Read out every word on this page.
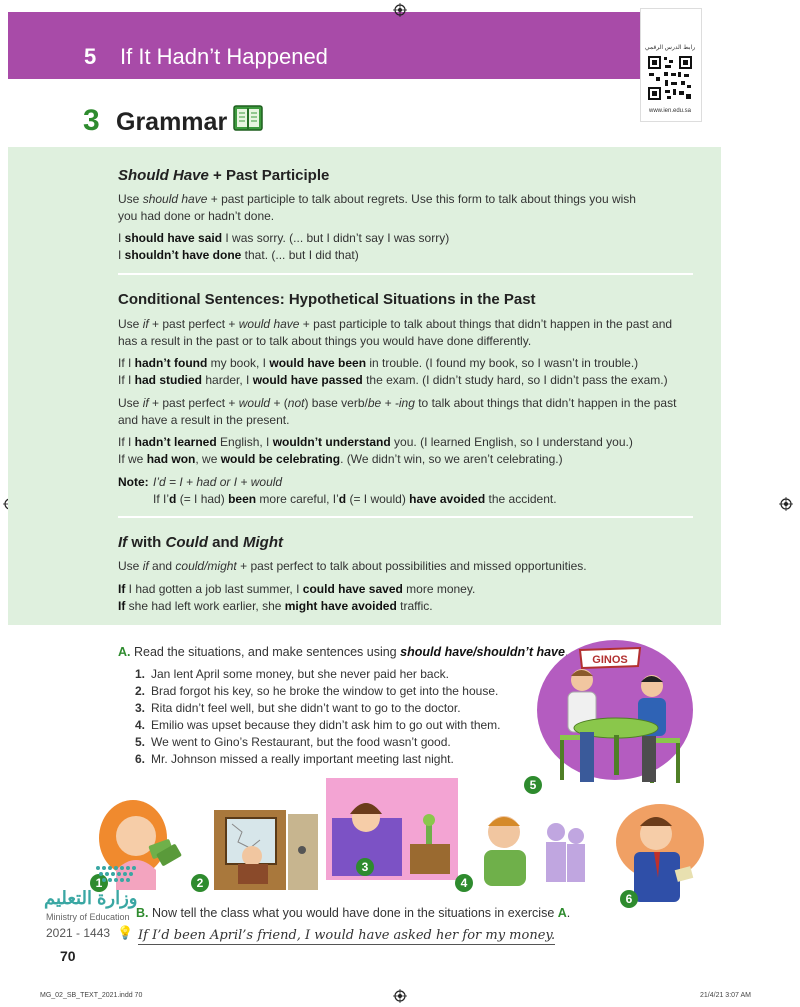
5 If It Hadn’t Happened	رابط الدرس الرقمي
www.ien.edu.sa
3 Grammar
Should Have + Past Participle
Use should have + past participle to talk about regrets. Use this form to talk about things you wish you had done or hadn’t done.
I should have said I was sorry. (... but I didn’t say I was sorry)
I shouldn’t have done that. (... but I did that)
Conditional Sentences: Hypothetical Situations in the Past
Use if + past perfect + would have + past participle to talk about things that didn’t happen in the past and has a result in the past or to talk about things you would have done differently.
If I hadn’t found my book, I would have been in trouble. (I found my book, so I wasn’t in trouble.)
If I had studied harder, I would have passed the exam. (I didn’t study hard, so I didn’t pass the exam.)
Use if + past perfect + would + (not) base verb/be + -ing to talk about things that didn’t happen in the past and have a result in the present.
If I hadn’t learned English, I wouldn’t understand you. (I learned English, so I understand you.)
If we had won, we would be celebrating. (We didn’t win, so we aren’t celebrating.)
Note: I’d = I + had or I + would
If I’d (= I had) been more careful, I’d (= I would) have avoided the accident.
If with Could and Might
Use if and could/might + past perfect to talk about possibilities and missed opportunities.
If I had gotten a job last summer, I could have saved more money.
If she had left work earlier, she might have avoided traffic.
A. Read the situations, and make sentences using should have/shouldn’t have.
1. Jan lent April some money, but she never paid her back.
2. Brad forgot his key, so he broke the window to get into the house.
3. Rita didn’t feel well, but she didn’t want to go to the doctor.
4. Emilio was upset because they didn’t ask him to go out with them.
5. We went to Gino’s Restaurant, but the food wasn’t good.
6. Mr. Johnson missed a really important meeting last night.
GINOS
5
1	2
3
4
6
وزارة التعليم
Ministry of Education
2021 - 1443 💡
B. Now tell the class what you would have done in the situations in exercise A.
If I’d been April’s friend, I would have asked her for my money.
70
MG_02_SB_TEXT_2021.indd 70	21/4/21 3:07 AM
